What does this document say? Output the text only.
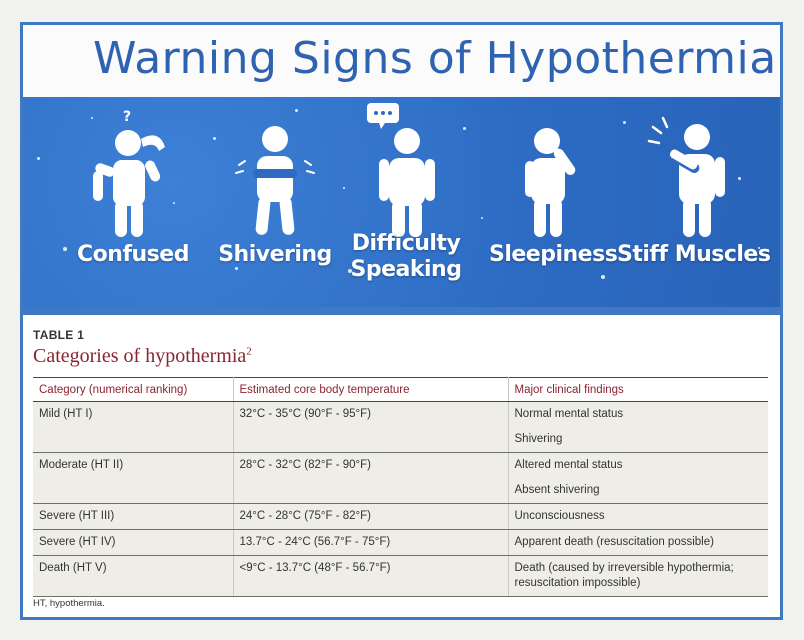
Warning Signs of Hypothermia
?
Confused Shivering Difficulty
Speaking
Sleepiness Stiff Muscles
TABLE 1
Categories of hypothermia$^2$
Category (numerical ranking)	Estimated core body temperature	Major clinical findings
Mild (HT I)	32°C - 35°C (90°F - 95°F)	Normal mental status
Shivering

Moderate (HT II)	28°C - 32°C (82°F - 90°F)	Altered mental status
Absent shivering

Severe (HT III)	24°C - 28°C (75°F - 82°F)	Unconsciousness

Severe (HT IV)	13.7°C - 24°C (56.7°F - 75°F)	Apparent death (resuscitation possible)

Death (HT V)	<9°C - 13.7°C (48°F - 56.7°F)	Death (caused by irreversible hypothermia; resuscitation impossible)
HT, hypothermia.
